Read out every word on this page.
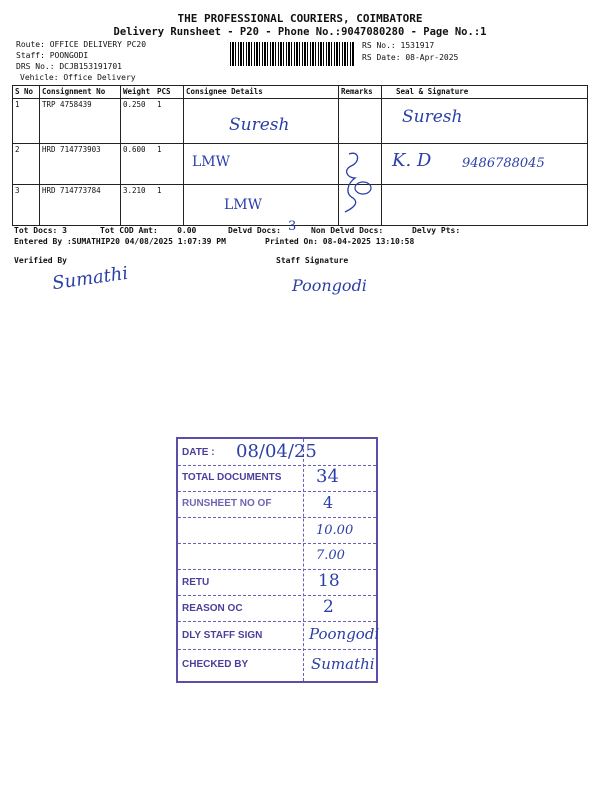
THE PROFESSIONAL COURIERS, COIMBATORE
Delivery Runsheet - P20 - Phone No.:9047080280 - Page No.:1
Route: OFFICE DELIVERY PC20
Staff: POONGODI
DRS No.: DCJB153191701
Vehicle: Office Delivery
RS No.: 1531917
RS Date: 08-Apr-2025
S No	Consignment No	Weight	PCS	Consignee Details	Remarks	Seal & Signature
1	TRP 4758439	0.250	1	Suresh		Suresh

2	HRD 714773903	0.600	1	LMW		K. D 9486788045

3	HRD 714773784	3.210	1	LMW		

Tot Docs: 3	Tot COD Amt:    0.00	Delvd Docs: 3 Non Delvd Docs:	Delvy Pts:
Entered By :SUMATHIP20 04/08/2025 1:07:39 PM	Printed On: 08-04-2025 13:10:58
Verified By	Staff Signature
Sumathi	Poongodi
DATE : 08/04/25
TOTAL DOCUMENTS 34
RUNSHEET NO OF	4
10.00
7.00
RETU	18
REASON OC	2
DLY STAFF SIGN	Poongodi
CHECKED BY	Sumathi
